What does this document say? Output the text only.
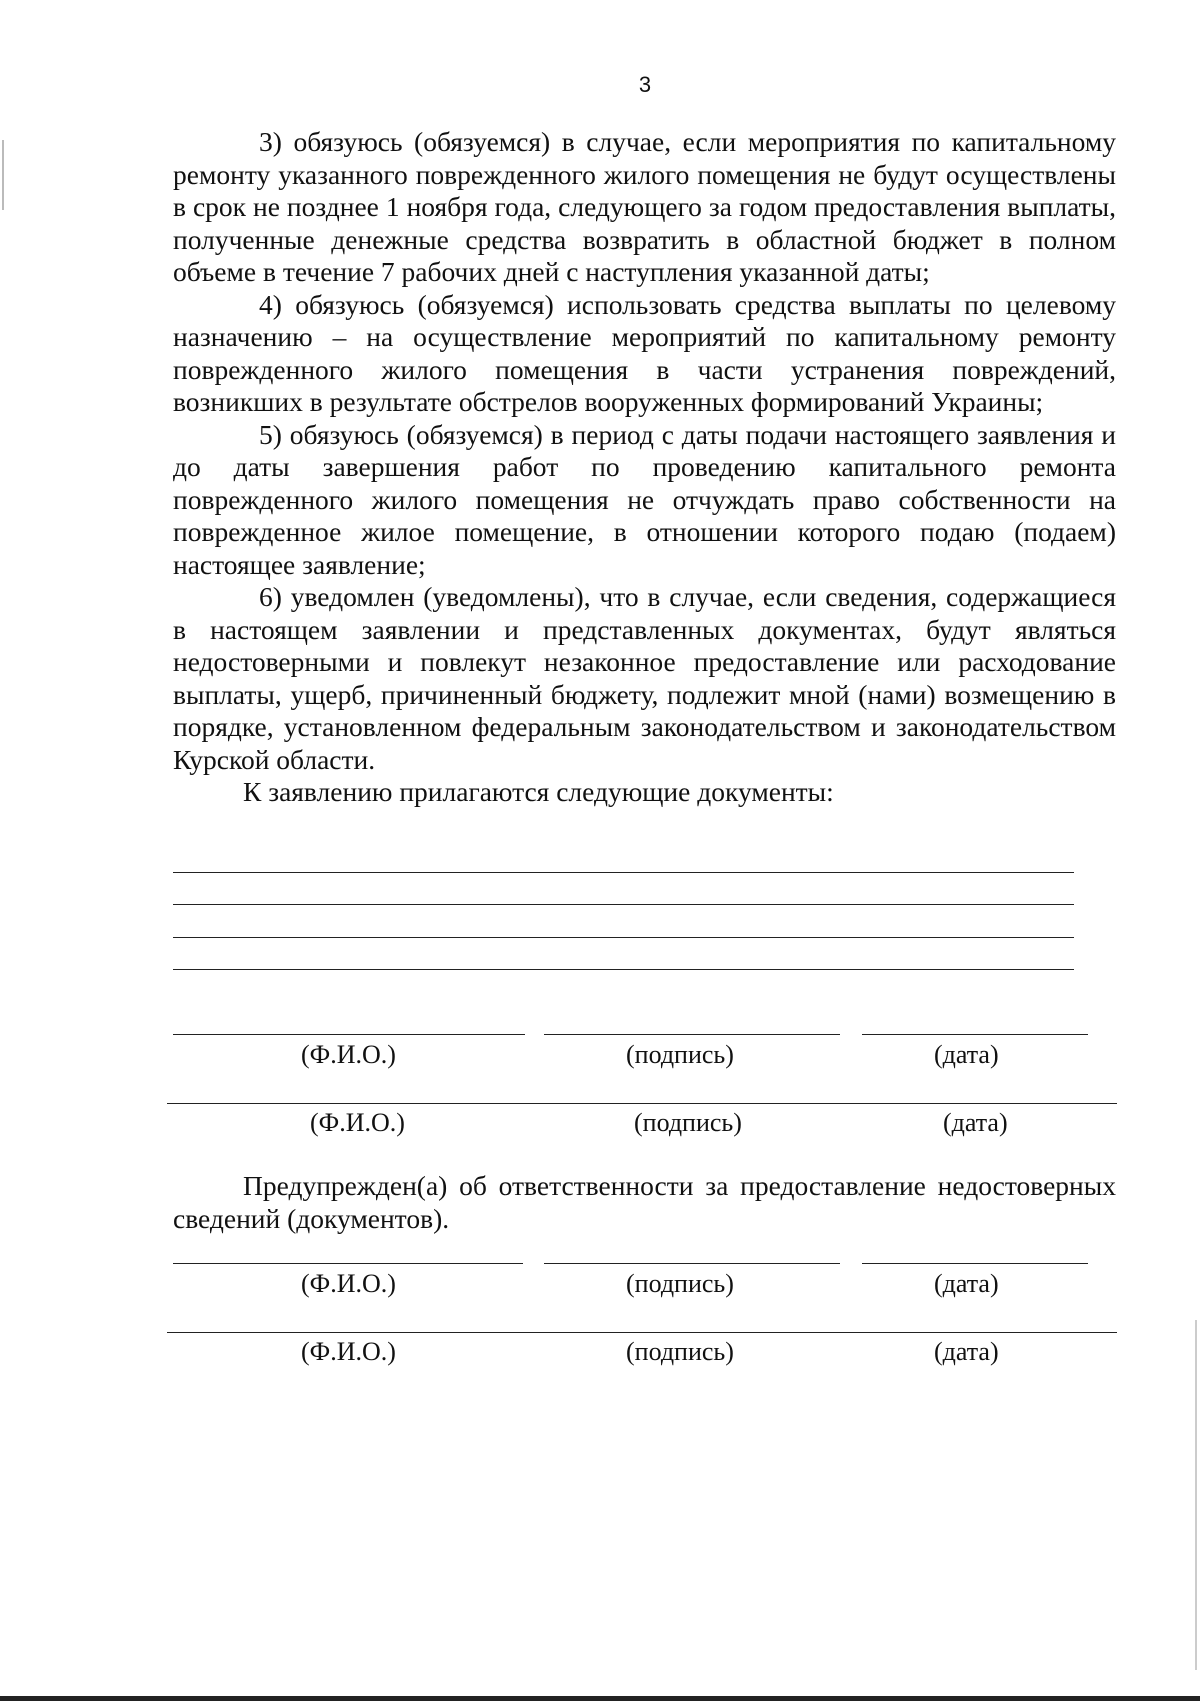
3

3) обязуюсь (обязуемся) в случае, если мероприятия по капитальному ремонту указанного поврежденного жилого помещения не будут осуществлены в срок не позднее 1 ноября года, следующего за годом предоставления выплаты, полученные денежные средства возвратить в областной бюджет в полном объеме в течение 7 рабочих дней с наступления указанной даты;

4) обязуюсь (обязуемся) использовать средства выплаты по целевому назначению – на осуществление мероприятий по капитальному ремонту поврежденного жилого помещения в части устранения повреждений, возникших в результате обстрелов вооруженных формирований Украины;

5) обязуюсь (обязуемся) в период с даты подачи настоящего заявления и до даты завершения работ по проведению капитального ремонта поврежденного жилого помещения не отчуждать право собственности на поврежденное жилое помещение, в отношении которого подаю (подаем) настоящее заявление;

6) уведомлен (уведомлены), что в случае, если сведения, содержащиеся в настоящем заявлении и представленных документах, будут являться недостоверными и повлекут незаконное предоставление или расходование выплаты, ущерб, причиненный бюджету, подлежит мной (нами) возмещению в порядке, установленном федеральным законодательством и законодательством Курской области.

К заявлению прилагаются следующие документы:

(Ф.И.О.)	(подпись)	(дата)
(Ф.И.О.)	(подпись)	(дата)

Предупрежден(а) об ответственности за предоставление недостоверных сведений (документов).

(Ф.И.О.)	(подпись)	(дата)
(Ф.И.О.)	(подпись)	(дата)
